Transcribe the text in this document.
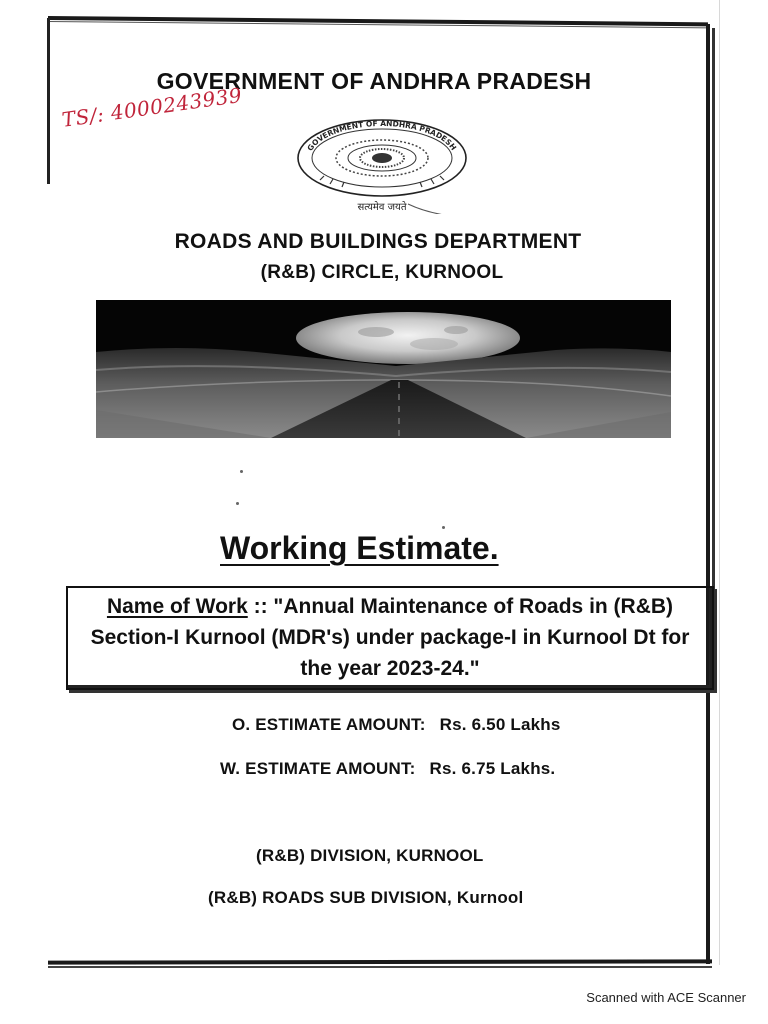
GOVERNMENT OF ANDHRA PRADESH
TS/: 4000243939
GOVERNMENT OF ANDHRA PRADESH
सत्यमेव जयते
ROADS AND BUILDINGS DEPARTMENT
(R&B) CIRCLE, KURNOOL
Working Estimate.
Name of Work :: "Annual Maintenance of Roads in (R&B) Section-I Kurnool (MDR's) under package-I in Kurnool Dt for the year 2023-24."
O. ESTIMATE AMOUNT: Rs. 6.50 Lakhs
W. ESTIMATE AMOUNT: Rs. 6.75 Lakhs.
(R&B) DIVISION, KURNOOL
(R&B) ROADS SUB DIVISION, Kurnool
Scanned with ACE Scanner
